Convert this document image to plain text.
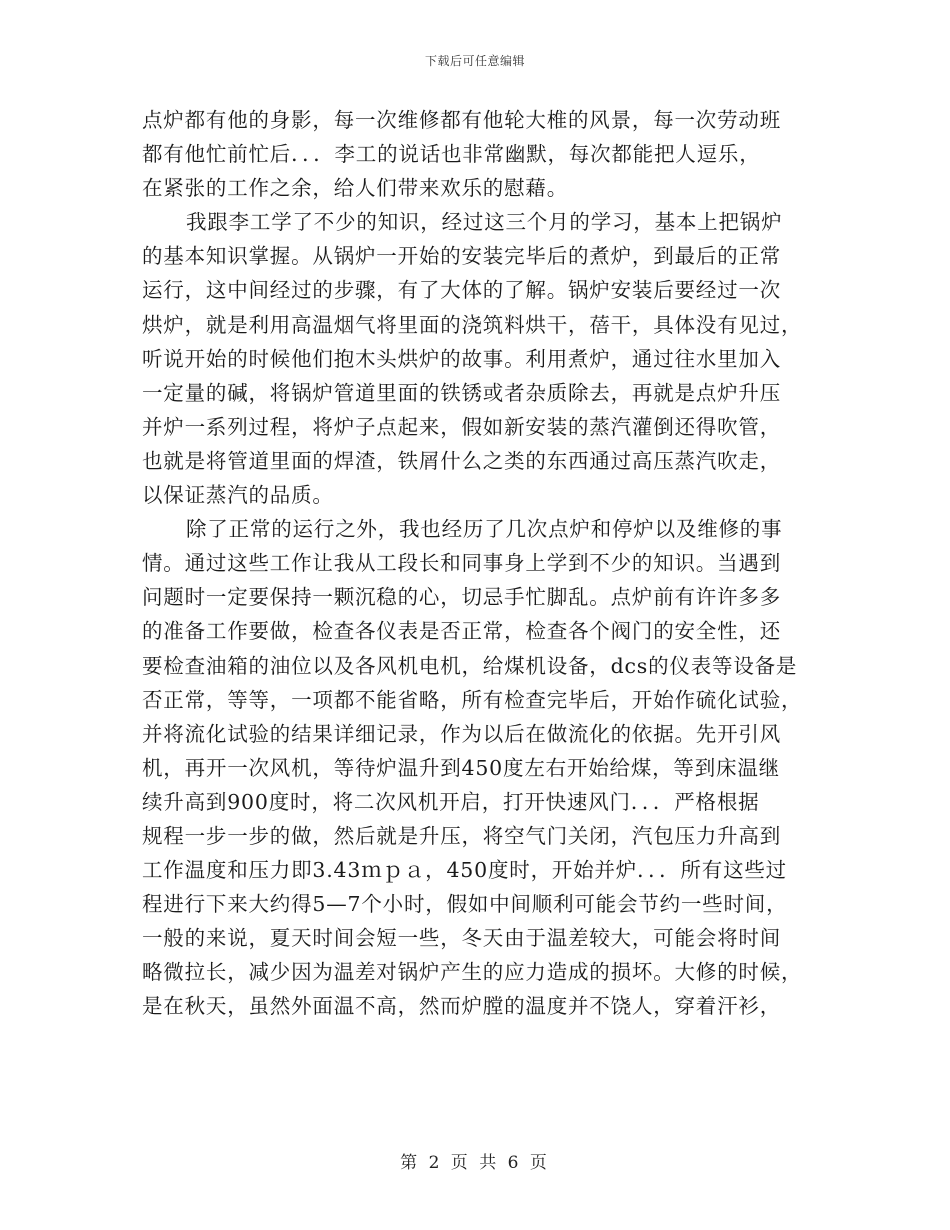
下载后可任意编辑
点炉都有他的身影，每一次维修都有他轮大椎的风景，每一次劳动班
都有他忙前忙后．．．李工的说话也非常幽默，每次都能把人逗乐，
在紧张的工作之余，给人们带来欢乐的慰藉。
我跟李工学了不少的知识，经过这三个月的学习，基本上把锅炉
的基本知识掌握。从锅炉一开始的安装完毕后的煮炉，到最后的正常
运行，这中间经过的步骤，有了大体的了解。锅炉安装后要经过一次
烘炉，就是利用高温烟气将里面的浇筑料烘干，蓓干，具体没有见过，
听说开始的时候他们抱木头烘炉的故事。利用煮炉，通过往水里加入
一定量的碱，将锅炉管道里面的铁锈或者杂质除去，再就是点炉升压
并炉一系列过程，将炉子点起来，假如新安装的蒸汽灌倒还得吹管，
也就是将管道里面的焊渣，铁屑什么之类的东西通过高压蒸汽吹走，
以保证蒸汽的品质。
除了正常的运行之外，我也经历了几次点炉和停炉以及维修的事
情。通过这些工作让我从工段长和同事身上学到不少的知识。当遇到
问题时一定要保持一颗沉稳的心，切忌手忙脚乱。点炉前有许许多多
的准备工作要做，检查各仪表是否正常，检查各个阀门的安全性，还
要检查油箱的油位以及各风机电机，给煤机设备，dcs的仪表等设备是
否正常，等等，一项都不能省略，所有检查完毕后，开始作硫化试验，
并将流化试验的结果详细记录，作为以后在做流化的依据。先开引风
机，再开一次风机，等待炉温升到450度左右开始给煤，等到床温继
续升高到900度时，将二次风机开启，打开快速风门．．．严格根据
规程一步一步的做，然后就是升压，将空气门关闭，汽包压力升高到
工作温度和压力即3.43ｍｐａ，450度时，开始并炉．．．所有这些过
程进行下来大约得5—7个小时，假如中间顺利可能会节约一些时间，
一般的来说，夏天时间会短一些，冬天由于温差较大，可能会将时间
略微拉长，减少因为温差对锅炉产生的应力造成的损坏。大修的时候，
是在秋天，虽然外面温不高，然而炉膛的温度并不饶人，穿着汗衫，
第 2 页 共 6 页
